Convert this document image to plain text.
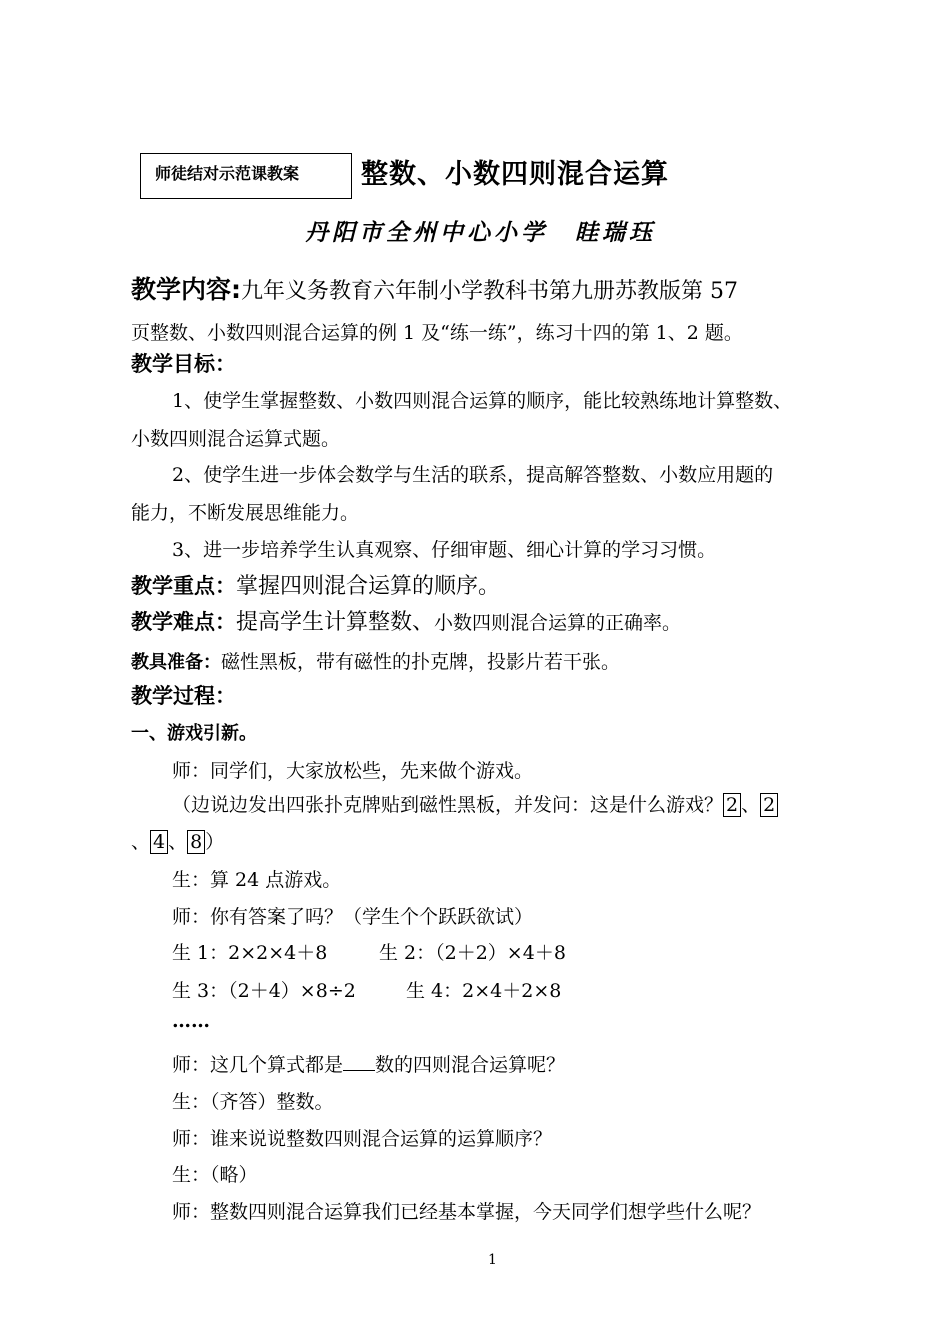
师徒结对示范课教案	整数、小数四则混合运算
丹阳市全州中心小学　眭瑞珏
教学内容:九年义务教育六年制小学教科书第九册苏教版第 57
页整数、小数四则混合运算的例 1 及“练一练”，练习十四的第 1、2 题。
教学目标：
1、使学生掌握整数、小数四则混合运算的顺序，能比较熟练地计算整数、
小数四则混合运算式题。
2、使学生进一步体会数学与生活的联系，提高解答整数、小数应用题的
能力，不断发展思维能力。
3、进一步培养学生认真观察、仔细审题、细心计算的学习习惯。
教学重点：掌握四则混合运算的顺序。
教学难点：提高学生计算整数、小数四则混合运算的正确率。
教具准备：磁性黑板，带有磁性的扑克牌，投影片若干张。
教学过程：
一、游戏引新。
师：同学们，大家放松些，先来做个游戏。
（边说边发出四张扑克牌贴到磁性黑板，并发问：这是什么游戏？ 2 、 2
、 4 、 8 ）
生：算 24 点游戏。
师：你有答案了吗？（学生个个跃跃欲试）
生 1：2×2×4＋8	生 2：（2＋2）×4＋8
生 3：（2＋4）×8÷2	生 4：2×4＋2×8
……
师：这几个算式都是 数的四则混合运算呢？
生：（齐答）整数。
师：谁来说说整数四则混合运算的运算顺序？
生：（略）
师：整数四则混合运算我们已经基本掌握，今天同学们想学些什么呢？
1
